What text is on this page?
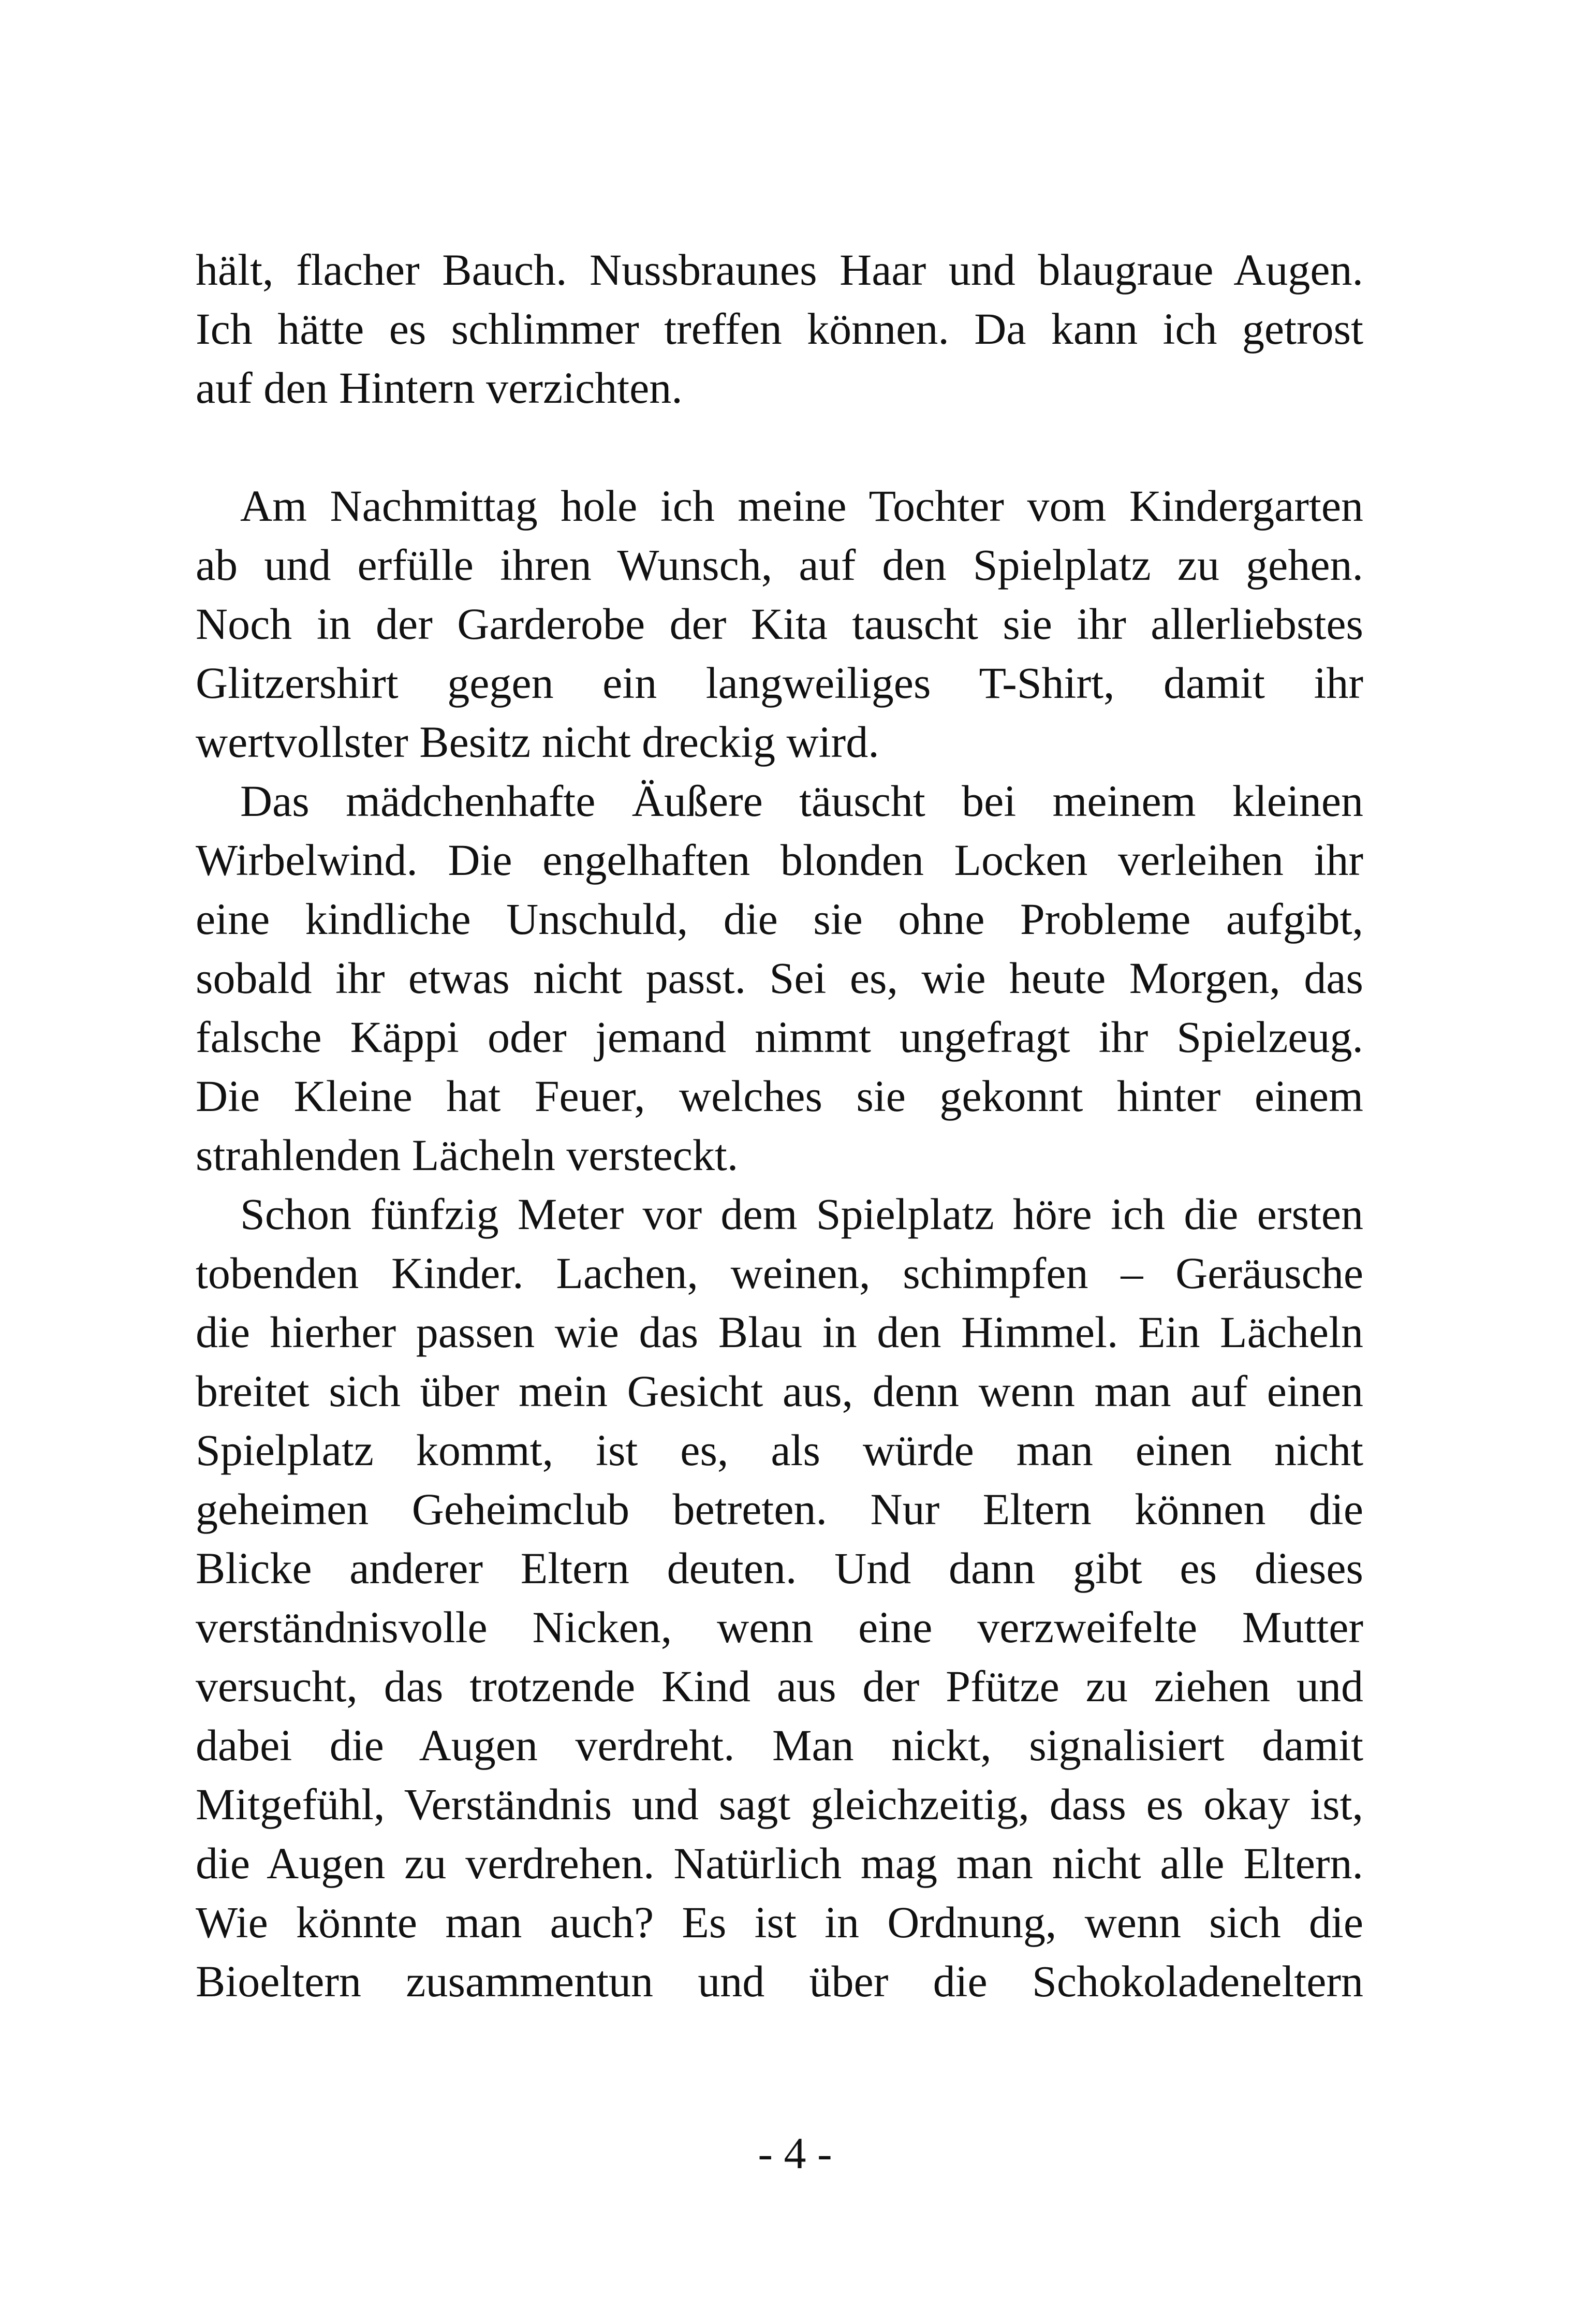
hält, flacher Bauch. Nussbraunes Haar und blaugraue Augen.
Ich hätte es schlimmer treffen können. Da kann ich getrost
auf den Hintern verzichten.
Am Nachmittag hole ich meine Tochter vom Kindergarten
ab und erfülle ihren Wunsch, auf den Spielplatz zu gehen.
Noch in der Garderobe der Kita tauscht sie ihr allerliebstes
Glitzershirt gegen ein langweiliges T-Shirt, damit ihr
wertvollster Besitz nicht dreckig wird.
Das mädchenhafte Äußere täuscht bei meinem kleinen
Wirbelwind. Die engelhaften blonden Locken verleihen ihr
eine kindliche Unschuld, die sie ohne Probleme aufgibt,
sobald ihr etwas nicht passt. Sei es, wie heute Morgen, das
falsche Käppi oder jemand nimmt ungefragt ihr Spielzeug.
Die Kleine hat Feuer, welches sie gekonnt hinter einem
strahlenden Lächeln versteckt.
Schon fünfzig Meter vor dem Spielplatz höre ich die ersten
tobenden Kinder. Lachen, weinen, schimpfen – Geräusche
die hierher passen wie das Blau in den Himmel. Ein Lächeln
breitet sich über mein Gesicht aus, denn wenn man auf einen
Spielplatz kommt, ist es, als würde man einen nicht
geheimen Geheimclub betreten. Nur Eltern können die
Blicke anderer Eltern deuten. Und dann gibt es dieses
verständnisvolle Nicken, wenn eine verzweifelte Mutter
versucht, das trotzende Kind aus der Pfütze zu ziehen und
dabei die Augen verdreht. Man nickt, signalisiert damit
Mitgefühl, Verständnis und sagt gleichzeitig, dass es okay ist,
die Augen zu verdrehen. Natürlich mag man nicht alle Eltern.
Wie könnte man auch? Es ist in Ordnung, wenn sich die
Bioeltern zusammentun und über die Schokoladeneltern
- 4 -
